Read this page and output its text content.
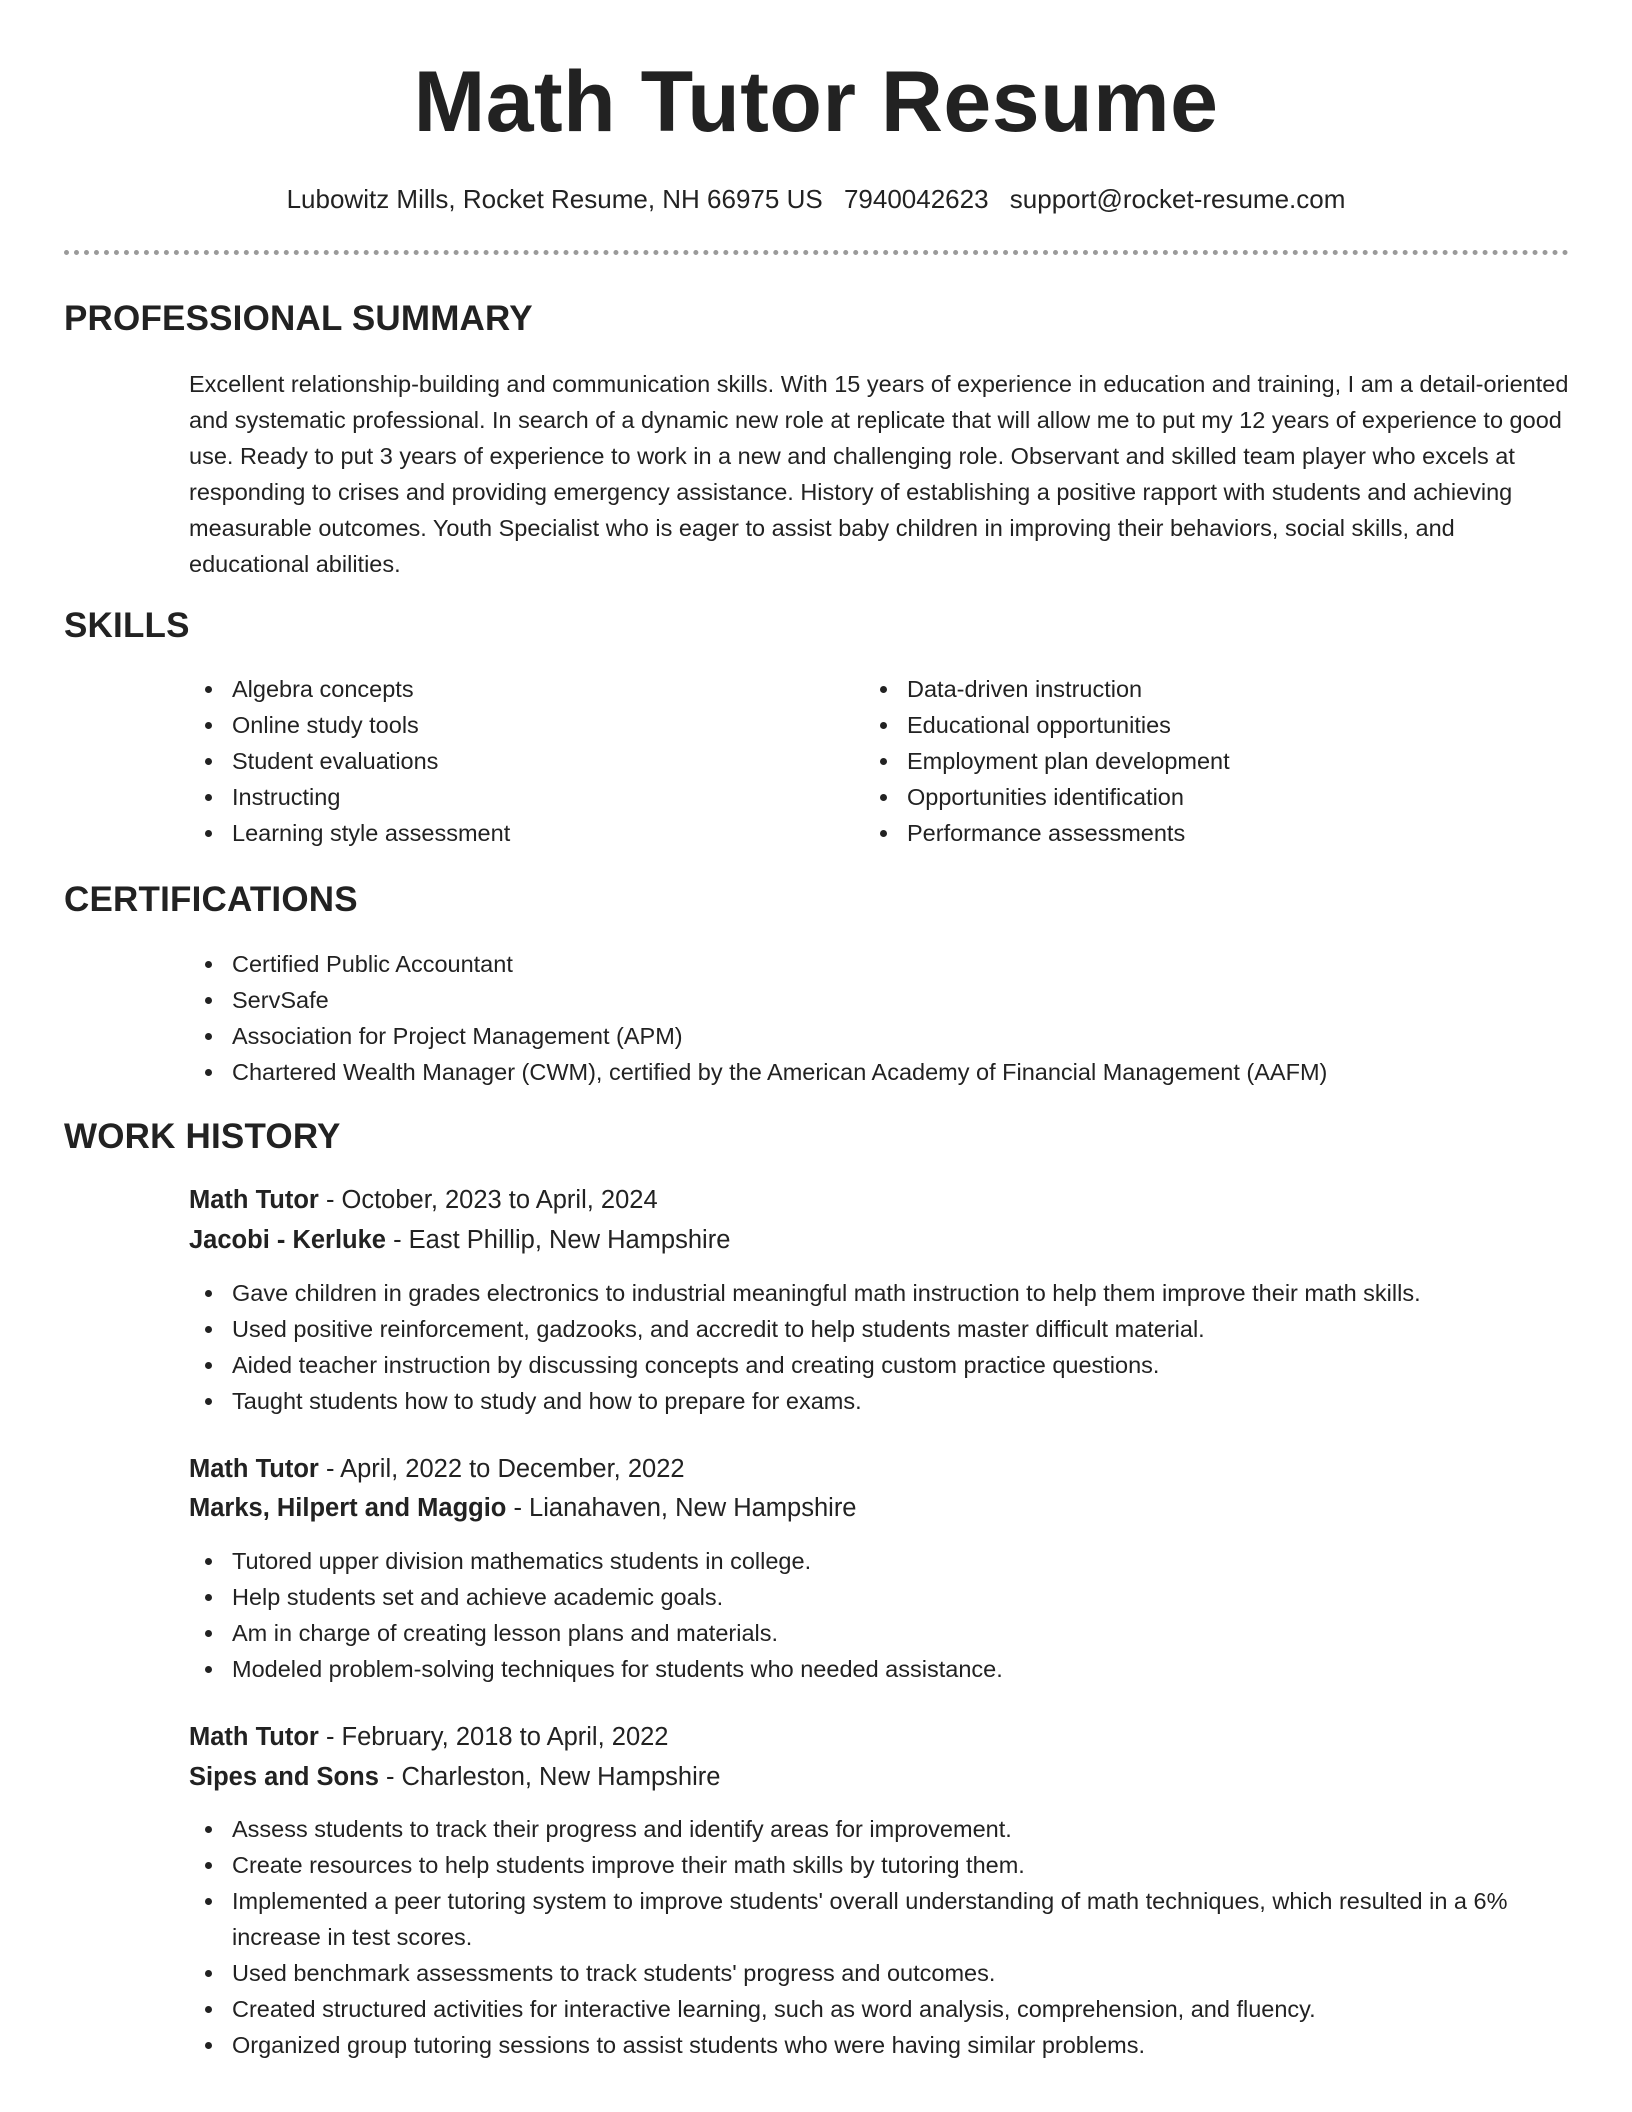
Math Tutor Resume
Lubowitz Mills, Rocket Resume, NH 66975 US 7940042623 support@rocket-resume.com
PROFESSIONAL SUMMARY
Excellent relationship-building and communication skills. With 15 years of experience in education and training, I am a detail-oriented and systematic professional. In search of a dynamic new role at replicate that will allow me to put my 12 years of experience to good use. Ready to put 3 years of experience to work in a new and challenging role. Observant and skilled team player who excels at responding to crises and providing emergency assistance. History of establishing a positive rapport with students and achieving measurable outcomes. Youth Specialist who is eager to assist baby children in improving their behaviors, social skills, and educational abilities.
SKILLS
Algebra concepts
Online study tools
Student evaluations
Instructing
Learning style assessment
Data-driven instruction
Educational opportunities
Employment plan development
Opportunities identification
Performance assessments
CERTIFICATIONS
Certified Public Accountant
ServSafe
Association for Project Management (APM)
Chartered Wealth Manager (CWM), certified by the American Academy of Financial Management (AAFM)
WORK HISTORY
Math Tutor - October, 2023 to April, 2024
Jacobi - Kerluke - East Phillip, New Hampshire
Gave children in grades electronics to industrial meaningful math instruction to help them improve their math skills.
Used positive reinforcement, gadzooks, and accredit to help students master difficult material.
Aided teacher instruction by discussing concepts and creating custom practice questions.
Taught students how to study and how to prepare for exams.
Math Tutor - April, 2022 to December, 2022
Marks, Hilpert and Maggio - Lianahaven, New Hampshire
Tutored upper division mathematics students in college.
Help students set and achieve academic goals.
Am in charge of creating lesson plans and materials.
Modeled problem-solving techniques for students who needed assistance.
Math Tutor - February, 2018 to April, 2022
Sipes and Sons - Charleston, New Hampshire
Assess students to track their progress and identify areas for improvement.
Create resources to help students improve their math skills by tutoring them.
Implemented a peer tutoring system to improve students' overall understanding of math techniques, which resulted in a 6% increase in test scores.
Used benchmark assessments to track students' progress and outcomes.
Created structured activities for interactive learning, such as word analysis, comprehension, and fluency.
Organized group tutoring sessions to assist students who were having similar problems.
